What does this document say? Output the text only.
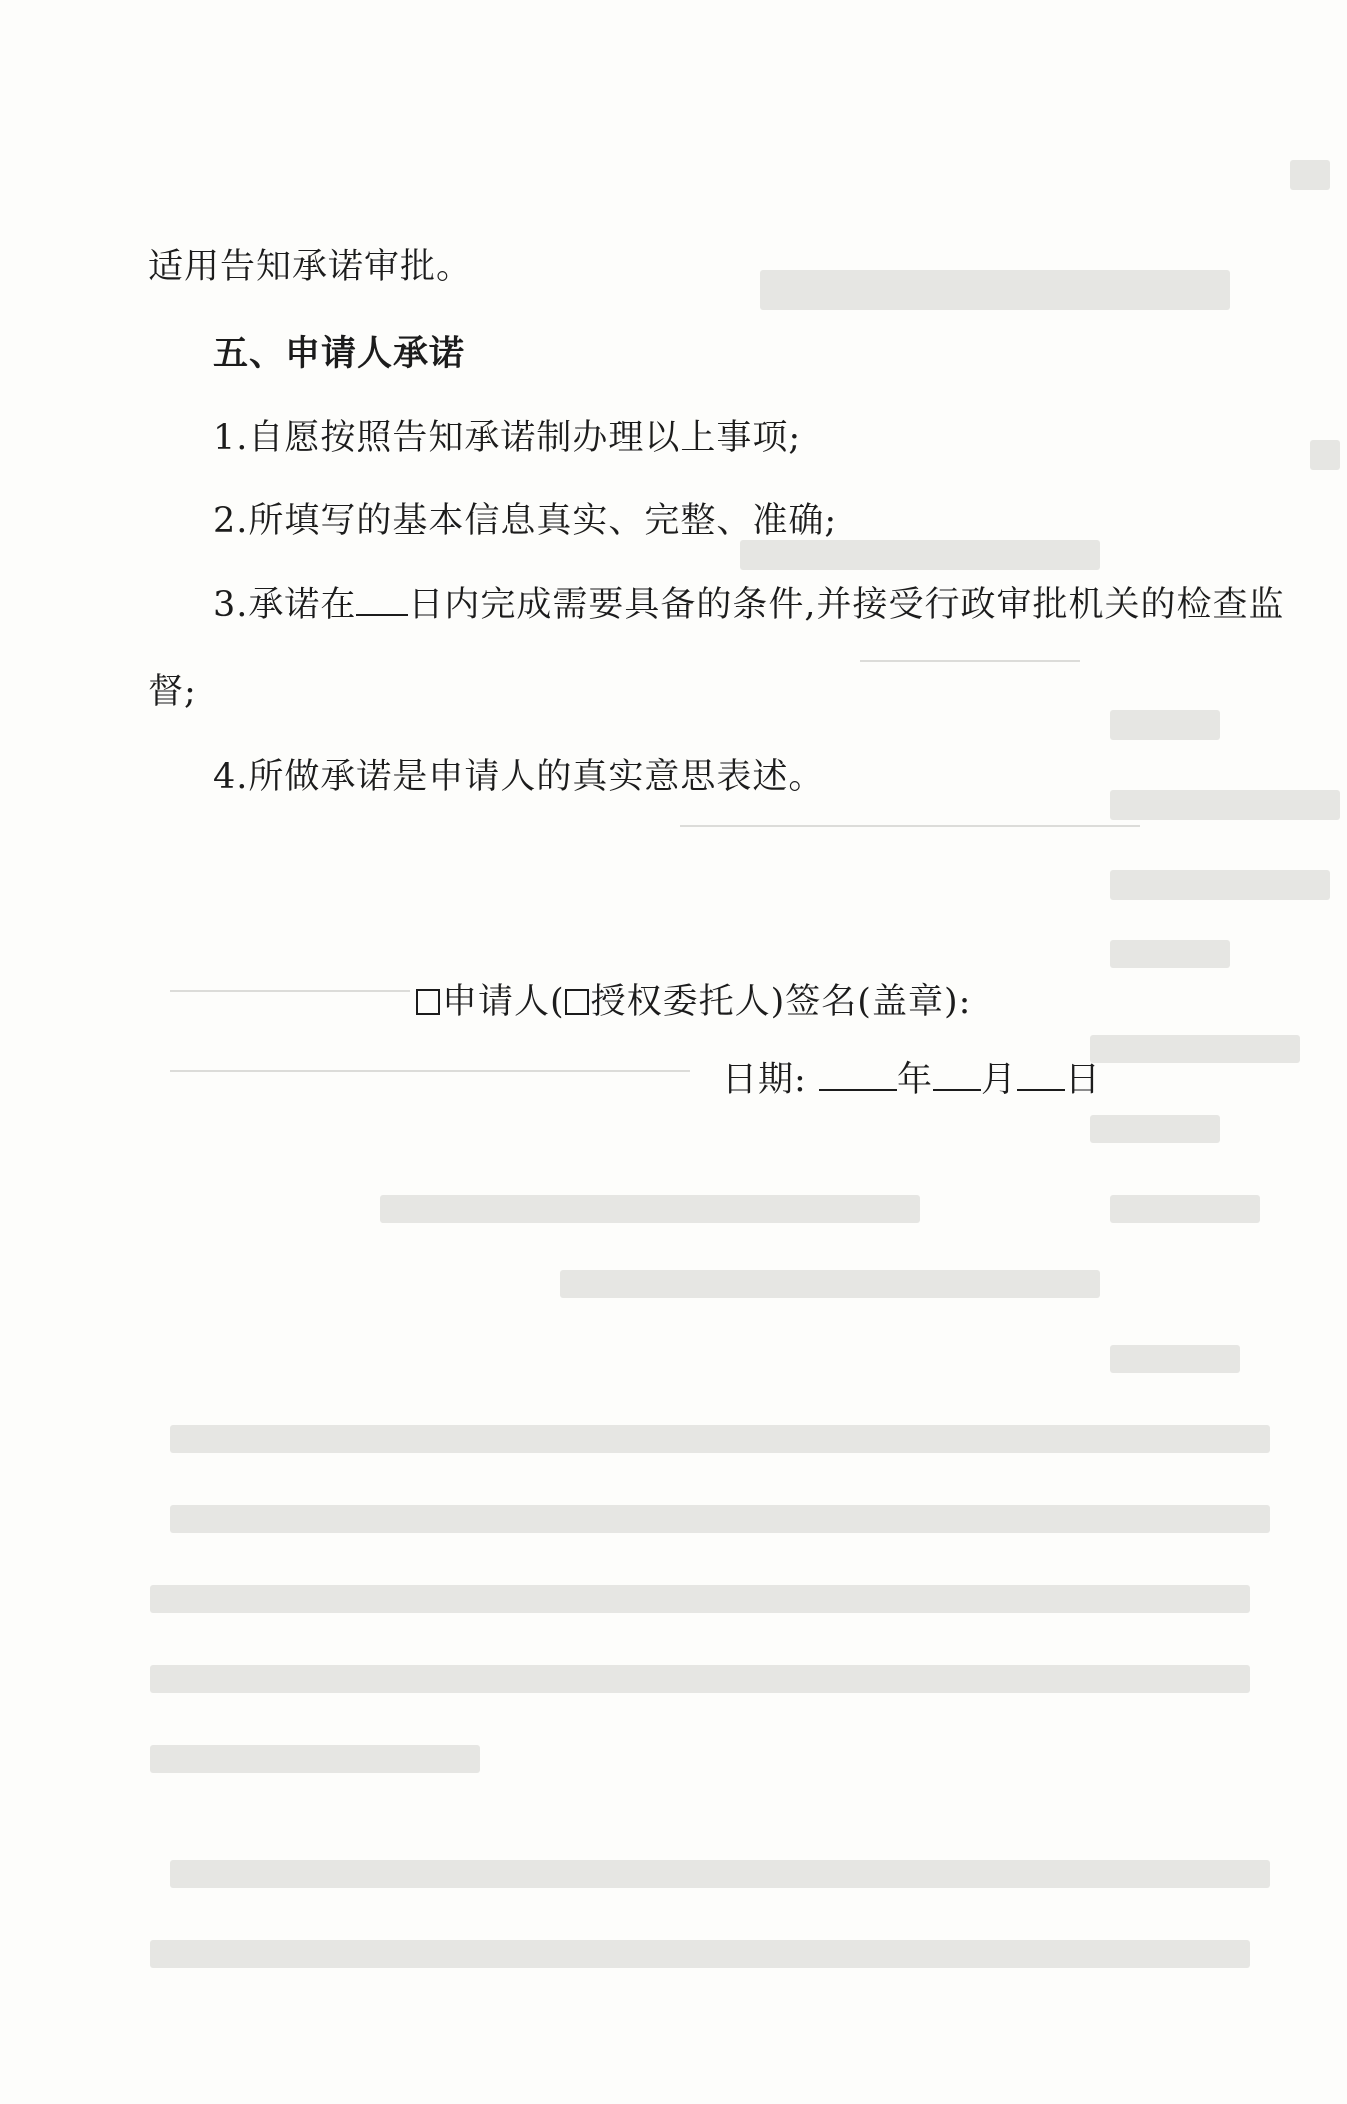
适用告知承诺审批。
五、申请人承诺
1.自愿按照告知承诺制办理以上事项;
2.所填写的基本信息真实、完整、准确;
3.承诺在 日内完成需要具备的条件,并接受行政审批机关的检查监
督;
4.所做承诺是申请人的真实意思表述。
申请人( 授权委托人)签名(盖章):
日期:	年 月 日
